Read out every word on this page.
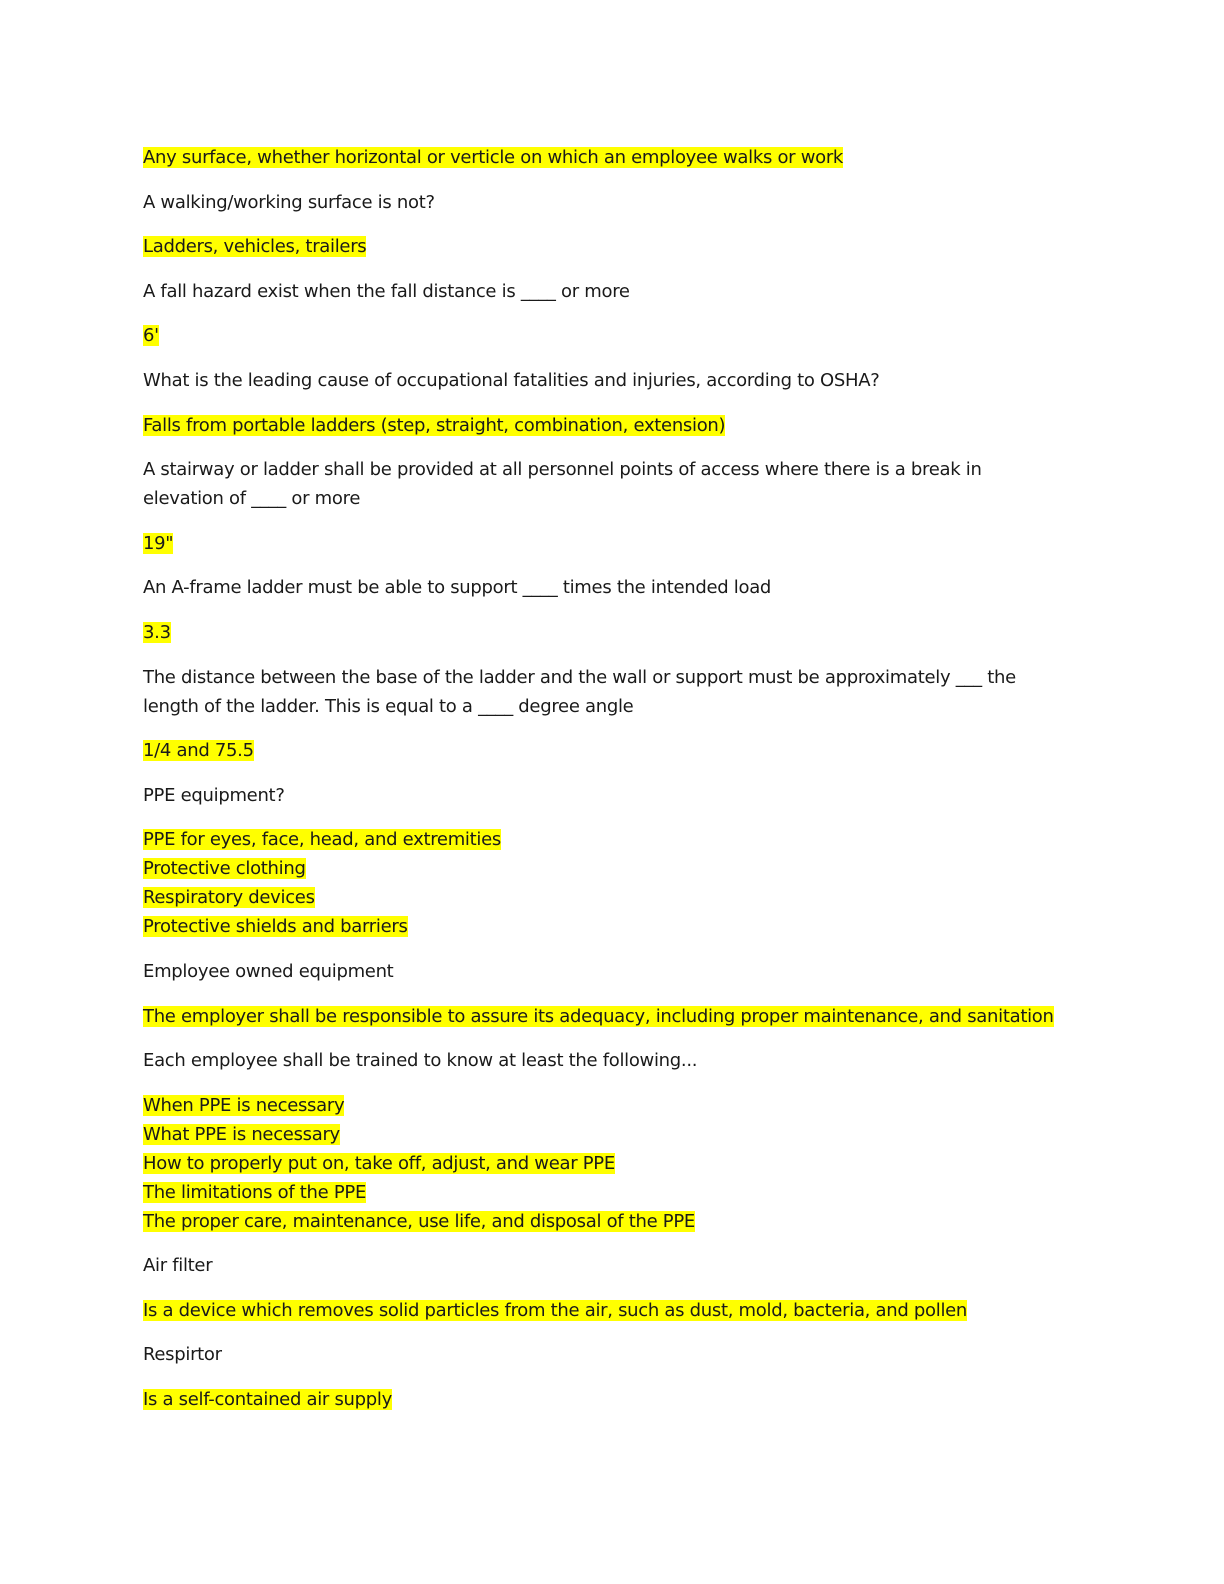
Any surface, whether horizontal or verticle on which an employee walks or work
A walking/working surface is not?
Ladders, vehicles, trailers
A fall hazard exist when the fall distance is ____ or more
6'
What is the leading cause of occupational fatalities and injuries, according to OSHA?
Falls from portable ladders (step, straight, combination, extension)
A stairway or ladder shall be provided at all personnel points of access where there is a break in
elevation of ____ or more
19"
An A-frame ladder must be able to support ____ times the intended load
3.3
The distance between the base of the ladder and the wall or support must be approximately ___ the
length of the ladder. This is equal to a ____ degree angle
1/4 and 75.5
PPE equipment?
PPE for eyes, face, head, and extremities
Protective clothing
Respiratory devices
Protective shields and barriers
Employee owned equipment
The employer shall be responsible to assure its adequacy, including proper maintenance, and sanitation
Each employee shall be trained to know at least the following...
When PPE is necessary
What PPE is necessary
How to properly put on, take off, adjust, and wear PPE
The limitations of the PPE
The proper care, maintenance, use life, and disposal of the PPE
Air filter
Is a device which removes solid particles from the air, such as dust, mold, bacteria, and pollen
Respirtor
Is a self-contained air supply
